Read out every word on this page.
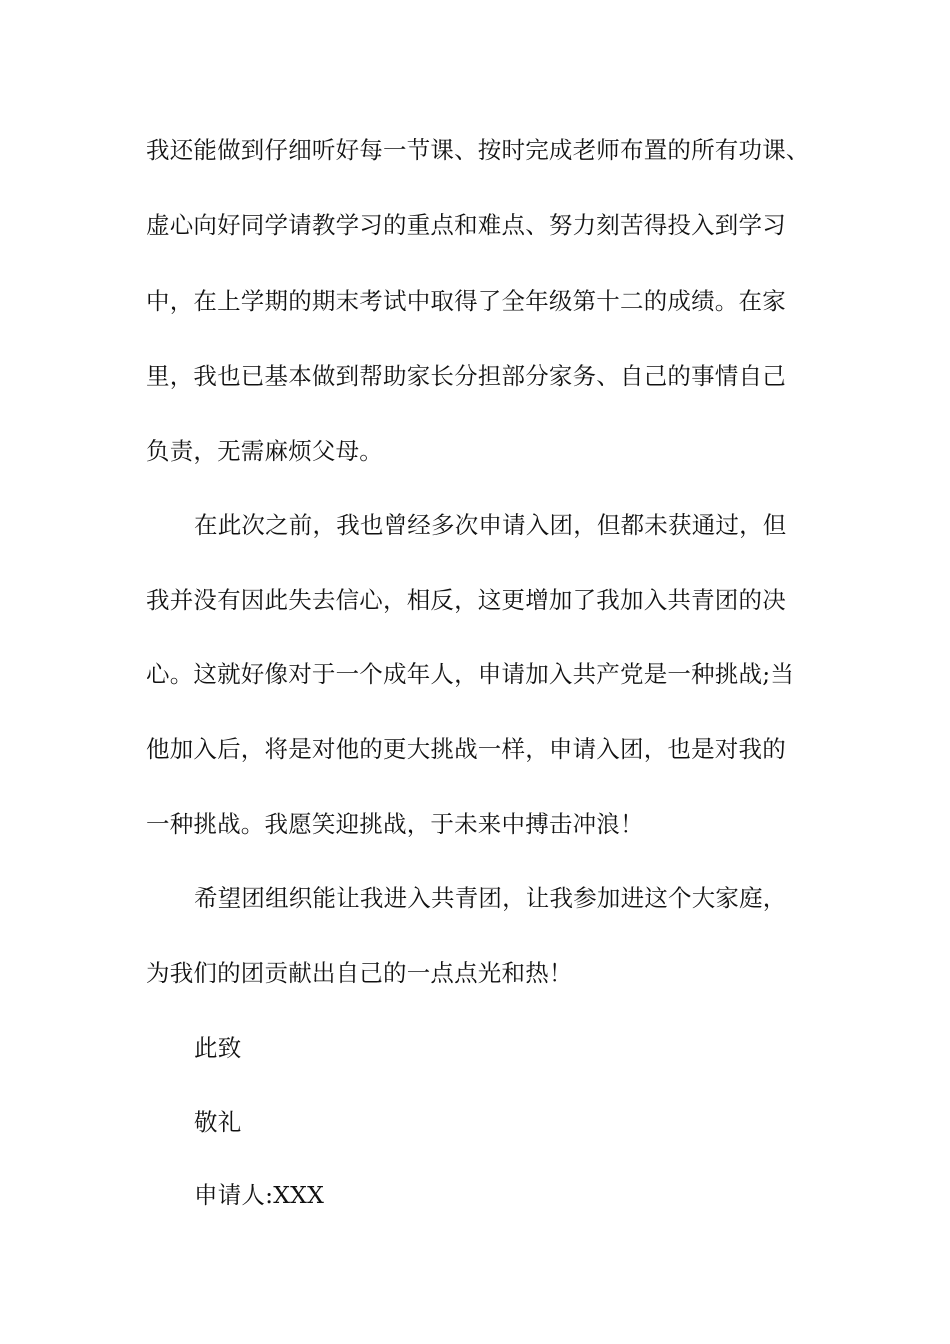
我还能做到仔细听好每一节课、按时完成老师布置的所有功课、
虚心向好同学请教学习的重点和难点、努力刻苦得投入到学习
中，在上学期的期末考试中取得了全年级第十二的成绩。在家
里，我也已基本做到帮助家长分担部分家务、自己的事情自己
负责，无需麻烦父母。
在此次之前，我也曾经多次申请入团，但都未获通过，但
我并没有因此失去信心，相反，这更增加了我加入共青团的决
心。这就好像对于一个成年人，申请加入共产党是一种挑战;当
他加入后，将是对他的更大挑战一样，申请入团，也是对我的
一种挑战。我愿笑迎挑战，于未来中搏击冲浪！
希望团组织能让我进入共青团，让我参加进这个大家庭，
为我们的团贡献出自己的一点点光和热！
此致
敬礼
申请人:XXX
